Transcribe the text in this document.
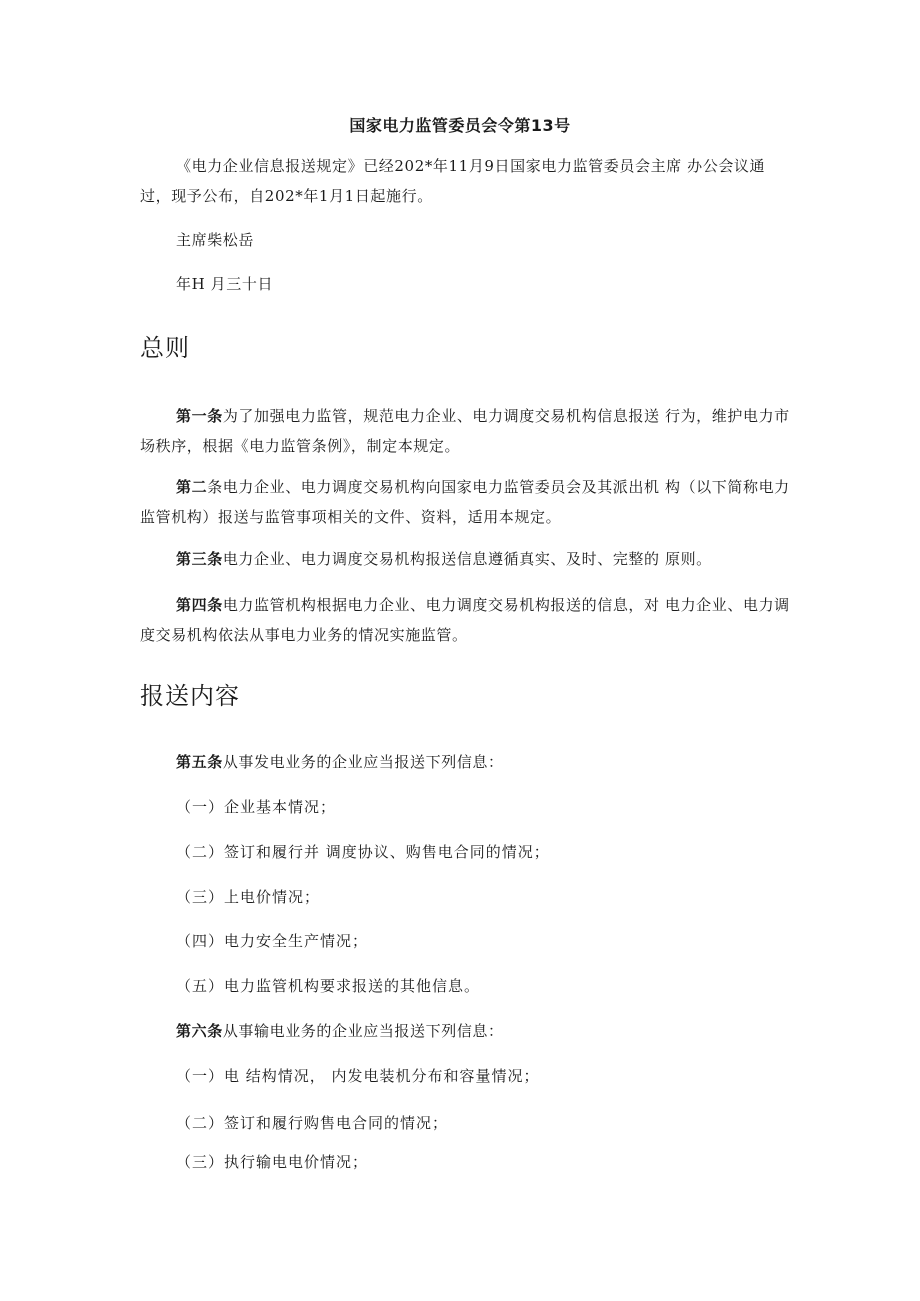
国家电力监管委员会令第13号
《电力企业信息报送规定》已经202*年11月9日国家电力监管委员会主席 办公会议通过，现予公布，自202*年1月1日起施行。
主席柴松岳
年H 月三十日
总则
第一条为了加强电力监管，规范电力企业、电力调度交易机构信息报送 行为，维护电力市场秩序，根据《电力监管条例》，制定本规定。
第二条电力企业、电力调度交易机构向国家电力监管委员会及其派出机 构（以下简称电力监管机构）报送与监管事项相关的文件、资料，适用本规定。
第三条电力企业、电力调度交易机构报送信息遵循真实、及时、完整的 原则。
第四条电力监管机构根据电力企业、电力调度交易机构报送的信息，对 电力企业、电力调度交易机构依法从事电力业务的情况实施监管。
报送内容
第五条从事发电业务的企业应当报送下列信息：
（一）企业基本情况；
（二）签订和履行并 调度协议、购售电合同的情况；
（三）上电价情况；
（四）电力安全生产情况；
（五）电力监管机构要求报送的其他信息。
第六条从事输电业务的企业应当报送下列信息：
（一）电 结构情况， 内发电装机分布和容量情况；
（二）签订和履行购售电合同的情况；
（三）执行输电电价情况；
